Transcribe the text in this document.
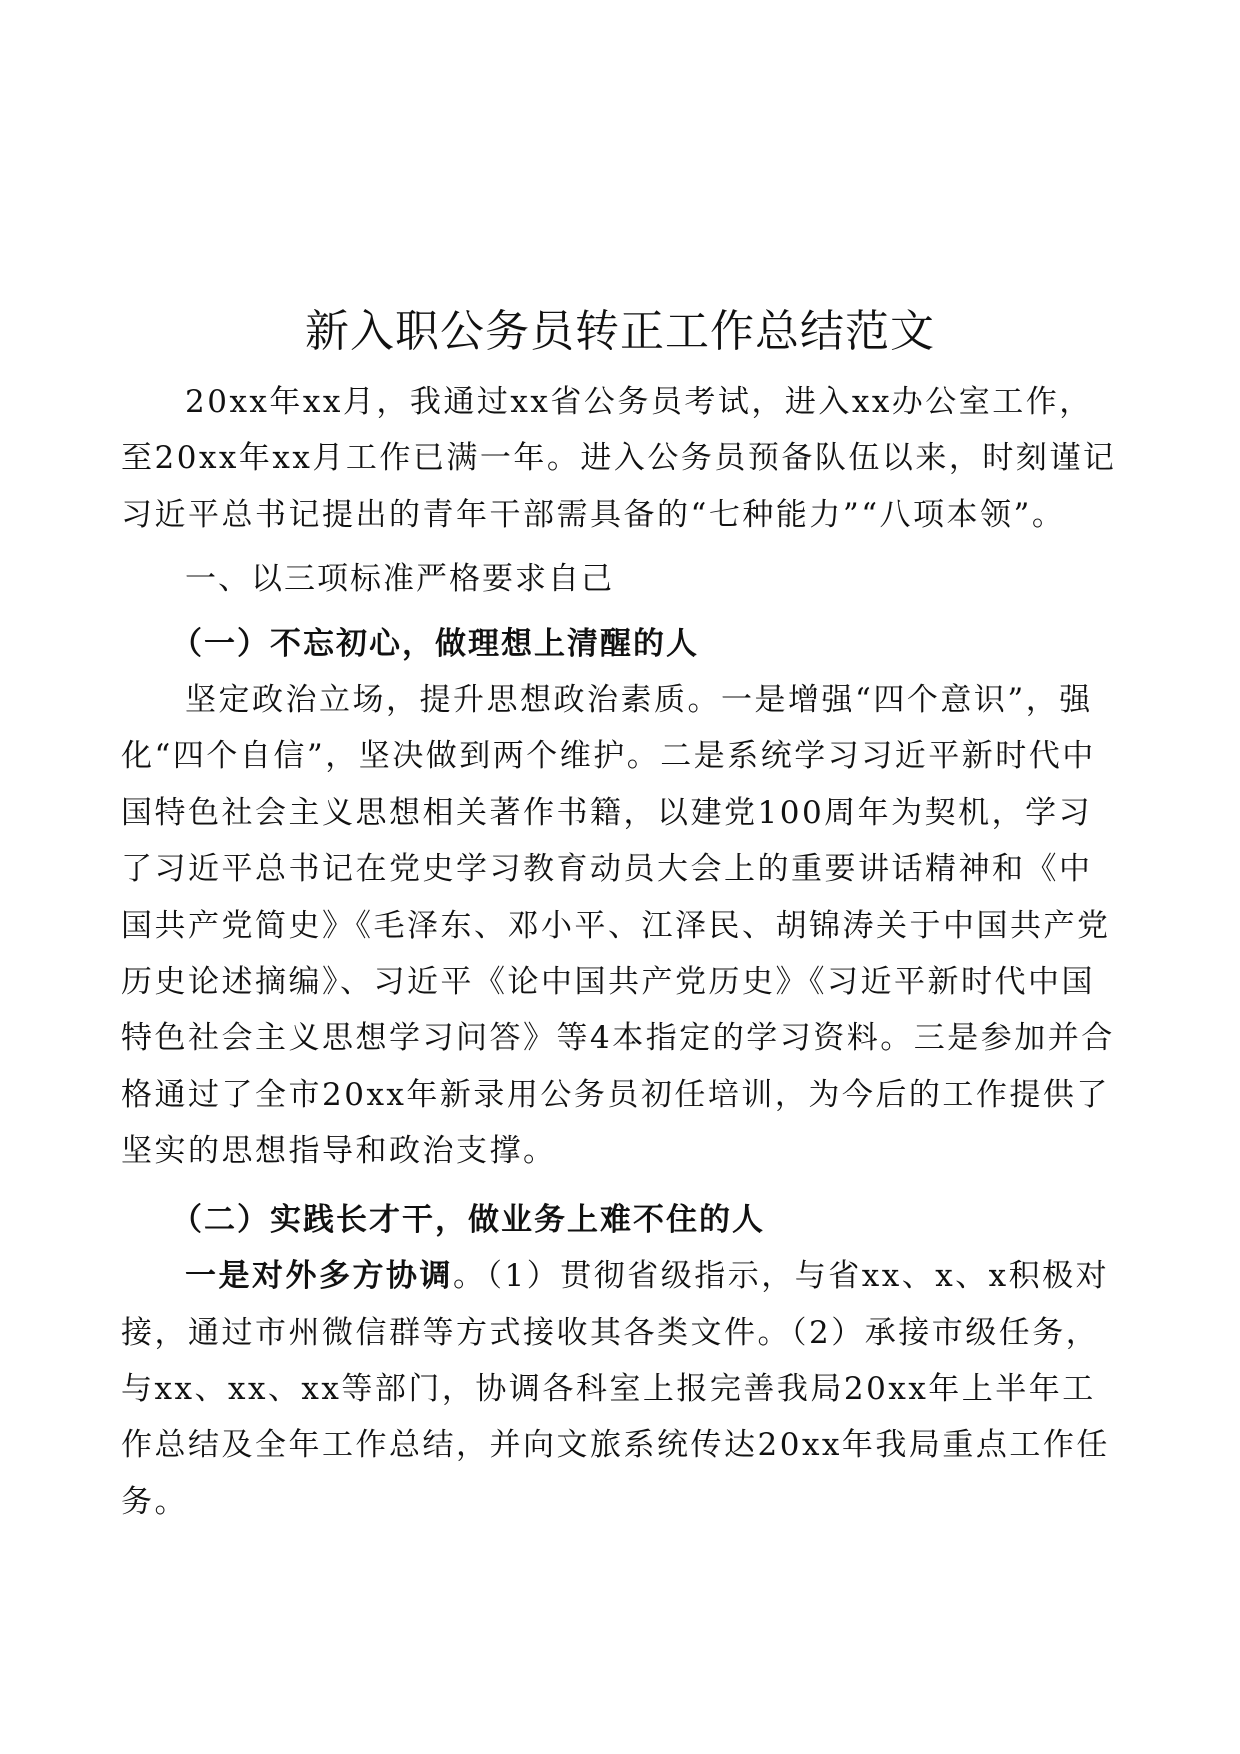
新入职公务员转正工作总结范文

20xx年xx月，我通过xx省公务员考试，进入xx办公室工作，至20xx年xx月工作已满一年。进入公务员预备队伍以来，时刻谨记习近平总书记提出的青年干部需具备的“七种能力”“八项本领”。

一、以三项标准严格要求自己

（一）不忘初心，做理想上清醒的人

坚定政治立场，提升思想政治素质。一是增强“四个意识”，强化“四个自信”，坚决做到两个维护。二是系统学习习近平新时代中国特色社会主义思想相关著作书籍，以建党100周年为契机，学习了习近平总书记在党史学习教育动员大会上的重要讲话精神和《中国共产党简史》《毛泽东、邓小平、江泽民、胡锦涛关于中国共产党历史论述摘编》、习近平《论中国共产党历史》《习近平新时代中国特色社会主义思想学习问答》等4本指定的学习资料。三是参加并合格通过了全市20xx年新录用公务员初任培训，为今后的工作提供了坚实的思想指导和政治支撑。

（二）实践长才干，做业务上难不住的人

一是对外多方协调。（1）贯彻省级指示，与省xx、x、x积极对接，通过市州微信群等方式接收其各类文件。（2）承接市级任务，与xx、xx、xx等部门，协调各科室上报完善我局20xx年上半年工作总结及全年工作总结，并向文旅系统传达20xx年我局重点工作任务。
